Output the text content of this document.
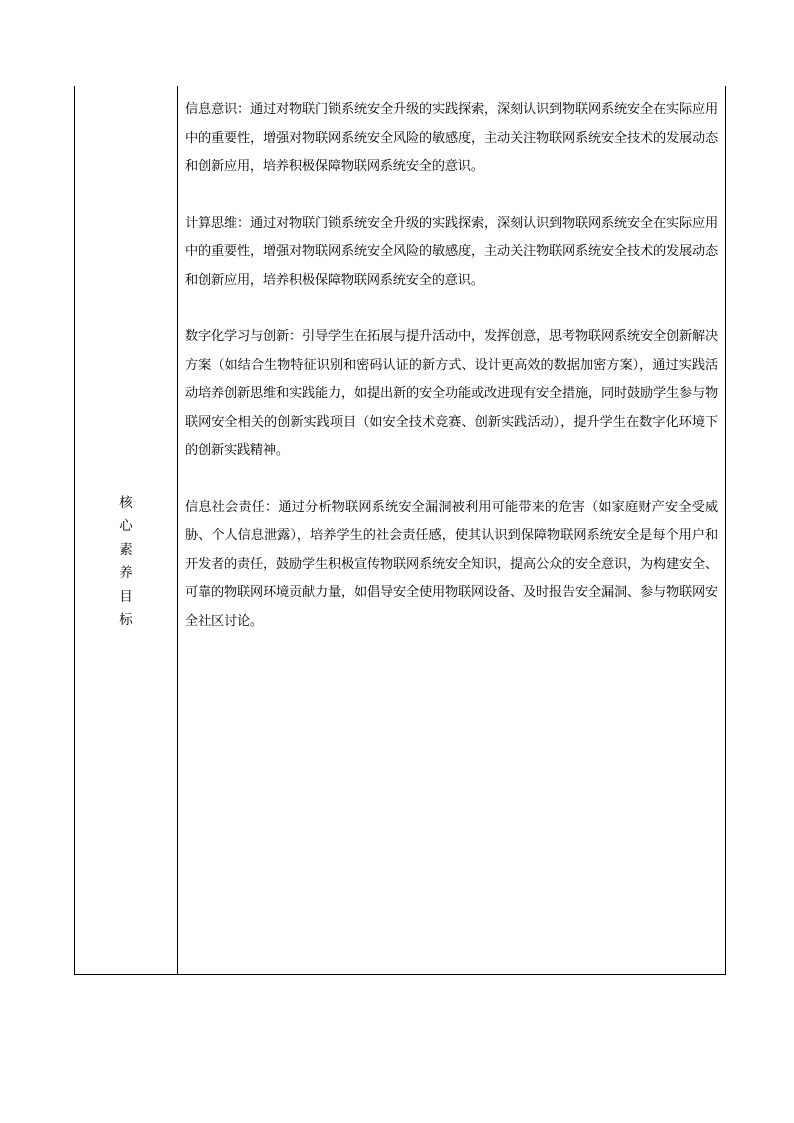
核
心
素
养
目
标

信息意识：通过对物联门锁系统安全升级的实践探索，深刻认识到物联网系统安全在实际应用中的重要性，增强对物联网系统安全风险的敏感度，主动关注物联网系统安全技术的发展动态和创新应用，培养积极保障物联网系统安全的意识。

计算思维：通过对物联门锁系统安全升级的实践探索，深刻认识到物联网系统安全在实际应用中的重要性，增强对物联网系统安全风险的敏感度，主动关注物联网系统安全技术的发展动态和创新应用，培养积极保障物联网系统安全的意识。

数字化学习与创新：引导学生在拓展与提升活动中，发挥创意，思考物联网系统安全创新解决方案（如结合生物特征识别和密码认证的新方式、设计更高效的数据加密方案），通过实践活动培养创新思维和实践能力，如提出新的安全功能或改进现有安全措施，同时鼓励学生参与物联网安全相关的创新实践项目（如安全技术竞赛、创新实践活动），提升学生在数字化环境下的创新实践精神。

信息社会责任：通过分析物联网系统安全漏洞被利用可能带来的危害（如家庭财产安全受威胁、个人信息泄露），培养学生的社会责任感，使其认识到保障物联网系统安全是每个用户和开发者的责任，鼓励学生积极宣传物联网系统安全知识，提高公众的安全意识，为构建安全、可靠的物联网环境贡献力量，如倡导安全使用物联网设备、及时报告安全漏洞、参与物联网安全社区讨论。
